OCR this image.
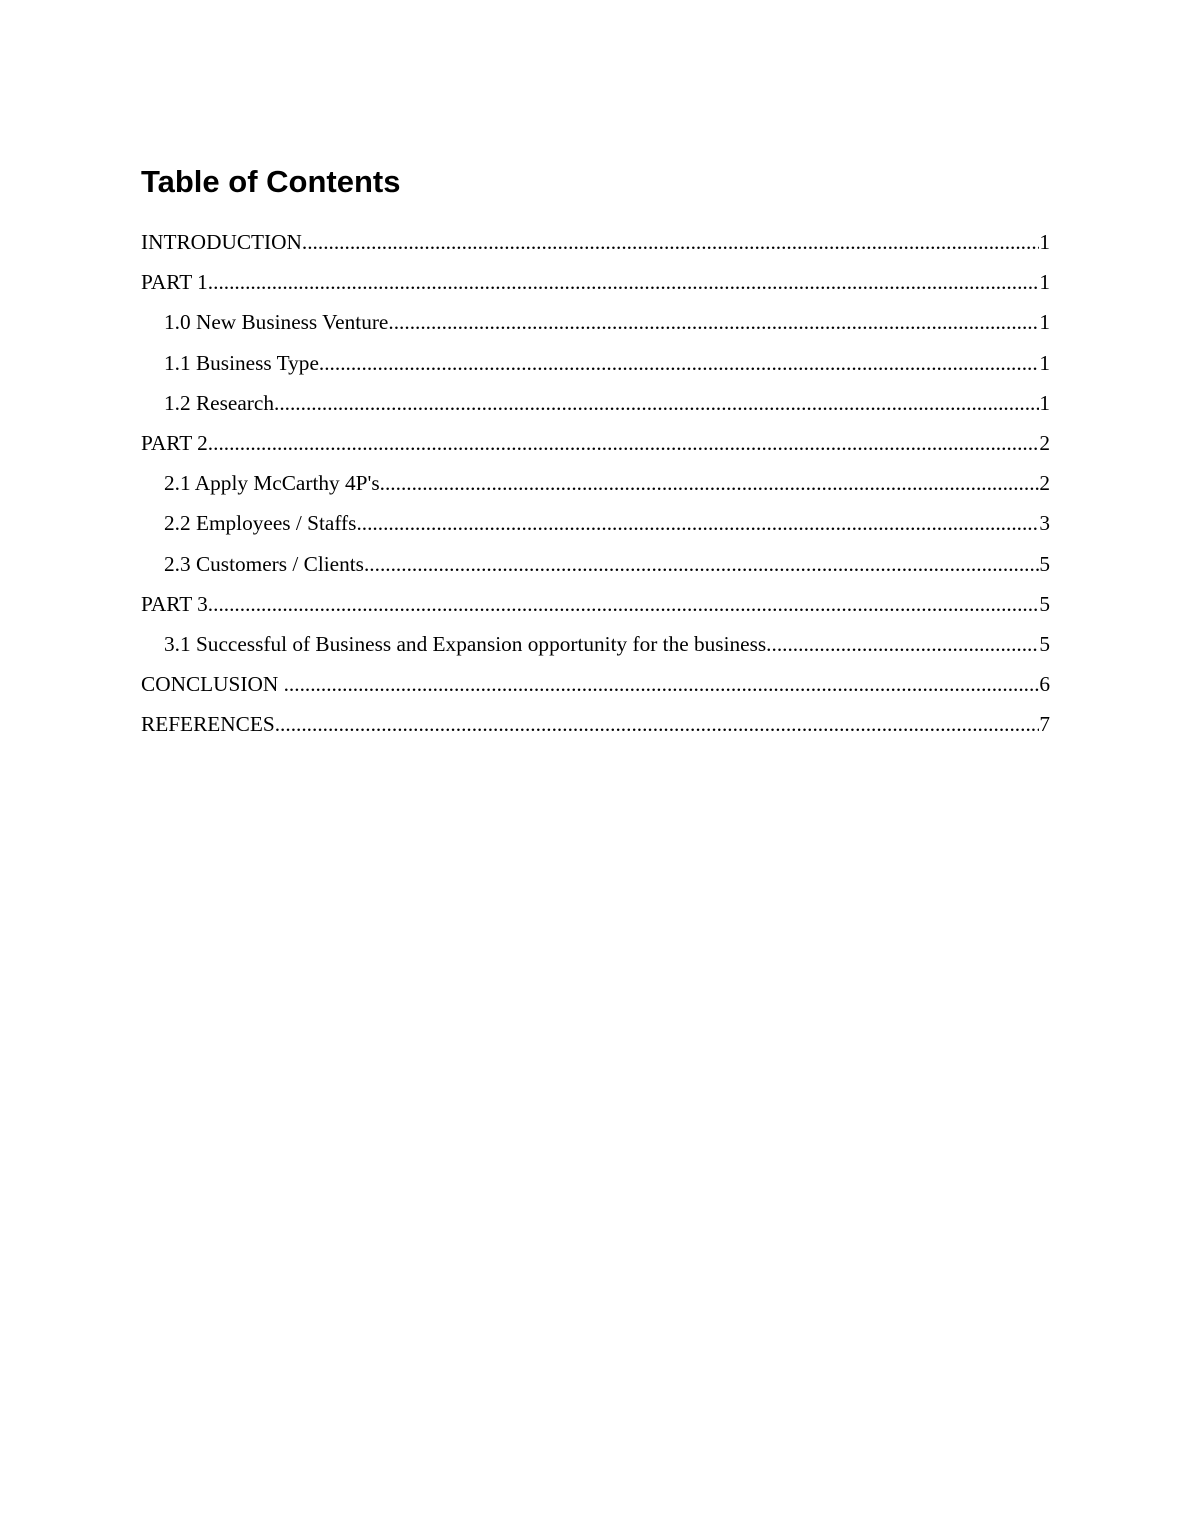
Table of Contents
INTRODUCTION .....	1
PART 1 .....	1
1.0 New Business Venture .....	1
1.1 Business Type .....	1
1.2 Research .....	1
PART 2 .....	2
2.1 Apply McCarthy 4P's .....	2
2.2 Employees / Staffs .....	3
2.3 Customers / Clients .....	5
PART 3 .....	5
3.1 Successful of Business and Expansion opportunity for the business .....	5
CONCLUSION .....	6
REFERENCES .....	7
